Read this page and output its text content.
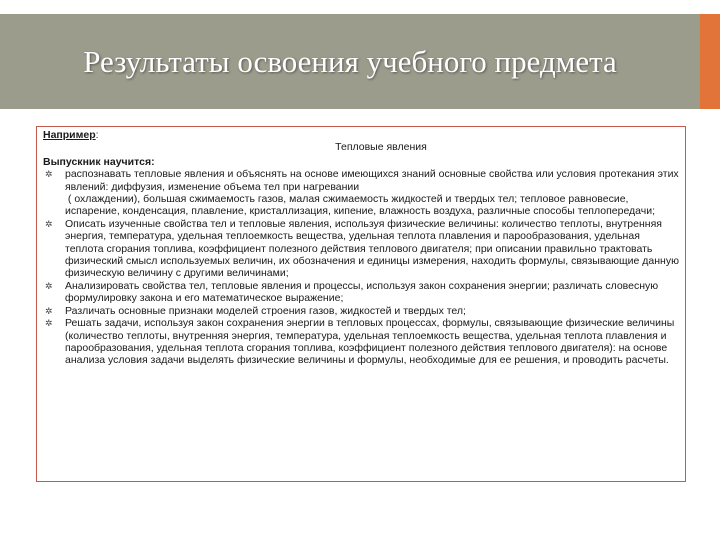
Результаты освоения учебного предмета
Например:
Тепловые явления
Выпускник научится:
✲ распознавать тепловые явления и объяснять на основе имеющихся знаний основные свойства или условия протекания этих явлений: диффузия, изменение объема тел при нагревании
( охлаждении), большая сжимаемость газов, малая сжимаемость жидкостей и твердых тел; тепловое равновесие, испарение, конденсация, плавление, кристаллизация, кипение, влажность воздуха, различные способы теплопередачи;
✲ Описать изученные свойства тел и тепловые явления, используя физические величины: количество теплоты, внутренняя энергия, температура, удельная теплоемкость вещества, удельная теплота плавления и парообразования, удельная теплота сгорания топлива, коэффициент полезного действия теплового двигателя; при описании правильно трактовать физический смысл используемых величин, их обозначения и единицы измерения, находить формулы, связывающие данную физическую величину с другими величинами;
✲ Анализировать свойства тел, тепловые явления и процессы, используя закон сохранения энергии; различать словесную формулировку закона и его математическое выражение;
✲ Различать основные признаки моделей строения газов, жидкостей и твердых тел;
✲ Решать задачи, используя закон сохранения энергии в тепловых процессах, формулы, связывающие физические величины (количество теплоты, внутренняя энергия, температура, удельная теплоемкость вещества, удельная теплота плавления и парообразования, удельная теплота сгорания топлива, коэффициент полезного действия теплового двигателя): на основе анализа условия задачи выделять физические величины и формулы, необходимые для ее решения, и проводить расчеты.
